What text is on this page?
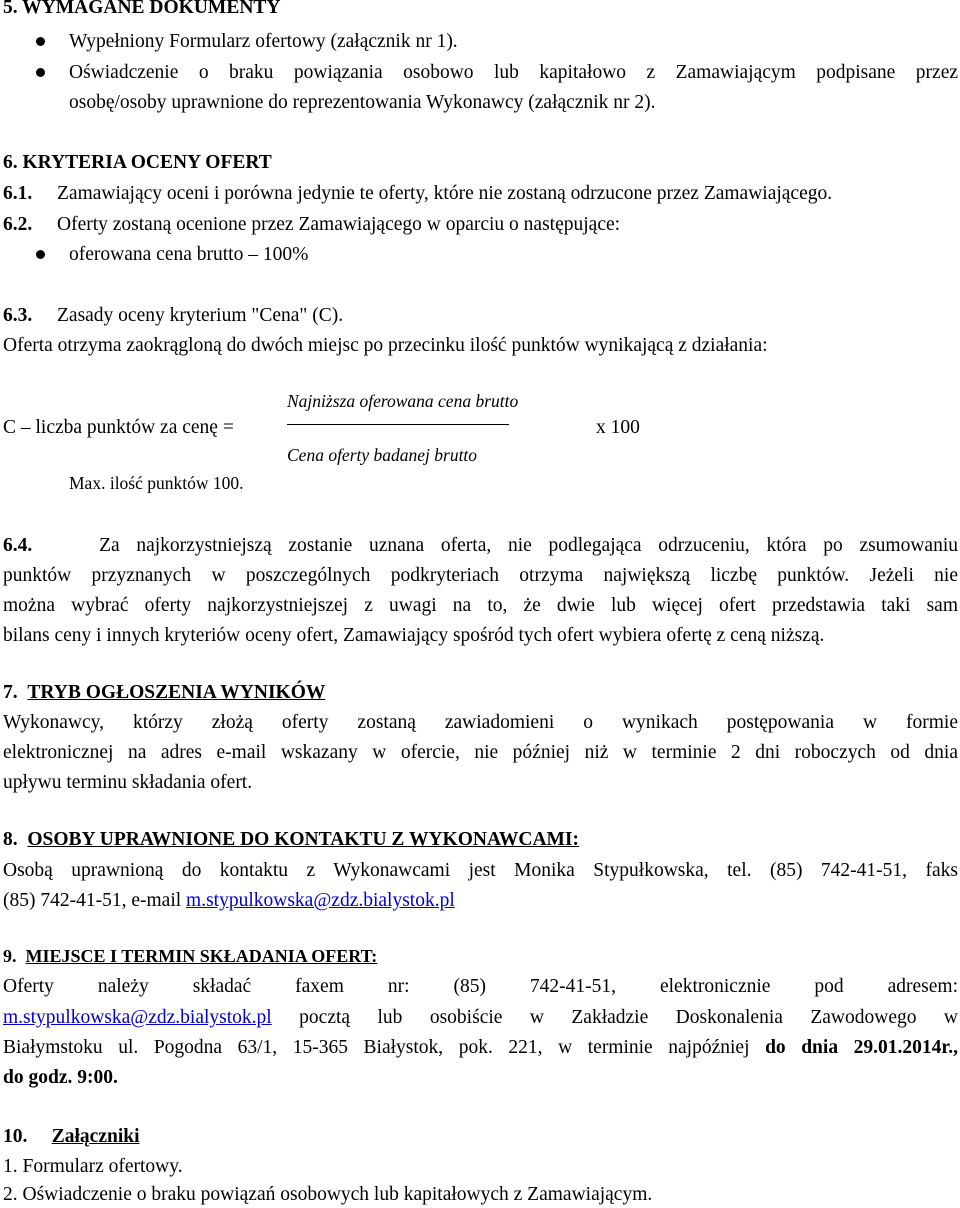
5. WYMAGANE DOKUMENTY
Wypełniony Formularz ofertowy (załącznik nr 1).
Oświadczenie o braku powiązania osobowo lub kapitałowo z Zamawiającym podpisane przez
osobę/osoby uprawnione do reprezentowania Wykonawcy (załącznik nr 2).
6. KRYTERIA OCENY OFERT
6.1. Zamawiający oceni i porówna jedynie te oferty, które nie zostaną odrzucone przez Zamawiającego.
6.2. Oferty zostaną ocenione przez Zamawiającego w oparciu o następujące:
oferowana cena brutto – 100%
6.3. Zasady oceny kryterium "Cena" (C).
Oferta otrzyma zaokrągloną do dwóch miejsc po przecinku ilość punktów wynikającą z działania:
Najniższa oferowana cena brutto
C – liczba punktów za cenę =	x 100
Cena oferty badanej brutto
Max. ilość punktów 100.
6.4.	Za najkorzystniejszą zostanie uznana oferta, nie podlegająca odrzuceniu, która po zsumowaniu
punktów przyznanych w poszczególnych podkryteriach otrzyma największą liczbę punktów. Jeżeli nie
można wybrać oferty najkorzystniejszej z uwagi na to, że dwie lub więcej ofert przedstawia taki sam
bilans ceny i innych kryteriów oceny ofert, Zamawiający spośród tych ofert wybiera ofertę z ceną niższą.
7. TRYB OGŁOSZENIA WYNIKÓW
Wykonawcy, którzy złożą oferty zostaną zawiadomieni o wynikach postępowania w formie
elektronicznej na adres e-mail wskazany w ofercie, nie później niż w terminie 2 dni roboczych od dnia
upływu terminu składania ofert.
8. OSOBY UPRAWNIONE DO KONTAKTU Z WYKONAWCAMI:
Osobą uprawnioną do kontaktu z Wykonawcami jest Monika Stypułkowska, tel. (85) 742-41-51, faks
(85) 742-41-51, e-mail m.stypulkowska@zdz.bialystok.pl
9. MIEJSCE I TERMIN SKŁADANIA OFERT:
Oferty należy składać faxem nr: (85) 742-41-51, elektronicznie pod adresem:
m.stypulkowska@zdz.bialystok.pl pocztą lub osobiście w Zakładzie Doskonalenia Zawodowego w
Białymstoku ul. Pogodna 63/1, 15-365 Białystok, pok. 221, w terminie najpóźniej do dnia 29.01.2014r.,
do godz. 9:00.
10. Załączniki
1. Formularz ofertowy.
2. Oświadczenie o braku powiązań osobowych lub kapitałowych z Zamawiającym.
